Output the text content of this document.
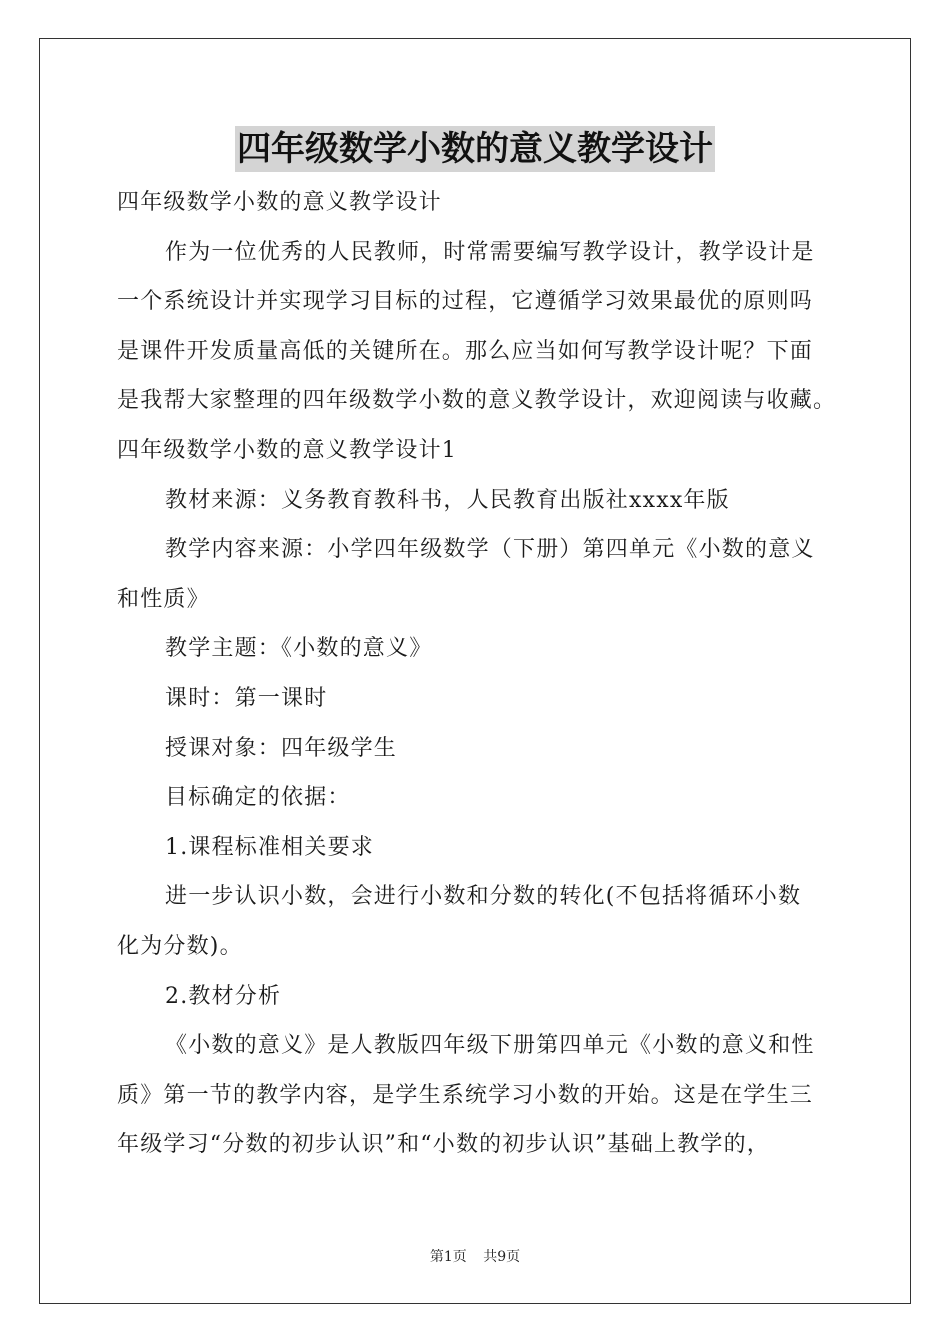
四年级数学小数的意义教学设计
四年级数学小数的意义教学设计
作为一位优秀的人民教师，时常需要编写教学设计，教学设计是
一个系统设计并实现学习目标的过程，它遵循学习效果最优的原则吗
是课件开发质量高低的关键所在。那么应当如何写教学设计呢？下面
是我帮大家整理的四年级数学小数的意义教学设计，欢迎阅读与收藏。
四年级数学小数的意义教学设计1
教材来源：义务教育教科书，人民教育出版社xxxx年版
教学内容来源：小学四年级数学（下册）第四单元《小数的意义
和性质》
教学主题：《小数的意义》
课时：第一课时
授课对象：四年级学生
目标确定的依据：
1.课程标准相关要求
进一步认识小数，会进行小数和分数的转化(不包括将循环小数
化为分数)。
2.教材分析
《小数的意义》是人教版四年级下册第四单元《小数的意义和性
质》第一节的教学内容，是学生系统学习小数的开始。这是在学生三
年级学习“分数的初步认识”和“小数的初步认识”基础上教学的，
第1页 共9页
